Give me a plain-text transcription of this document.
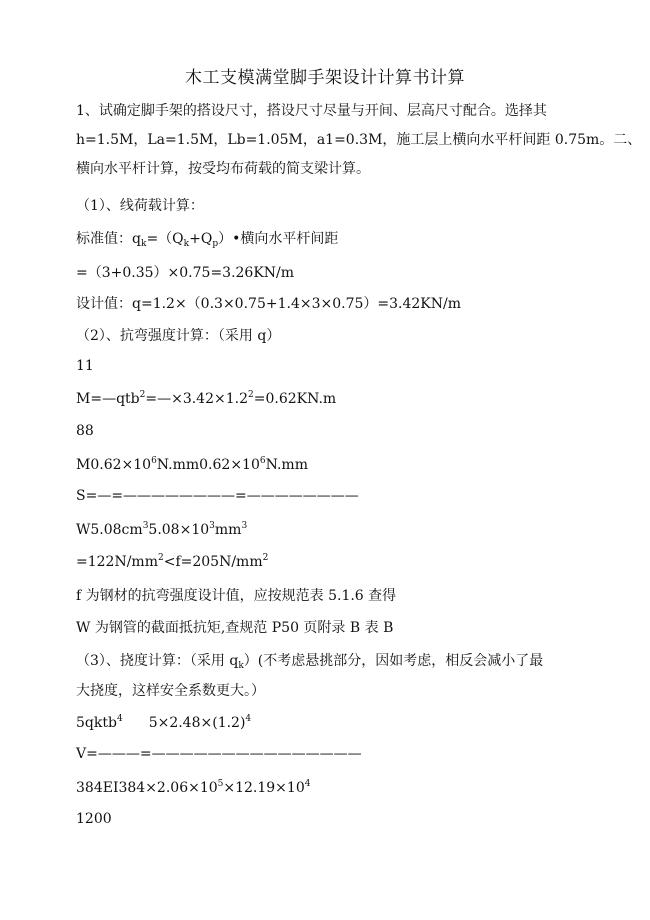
木工支模满堂脚手架设计计算书计算
1、试确定脚手架的搭设尺寸，搭设尺寸尽量与开间、层高尺寸配合。选择其
h=1.5M，La=1.5M，Lb=1.05M，a1=0.3M，施工层上横向水平杆间距 0.75m。二、
横向水平杆计算，按受均布荷载的简支梁计算。
（1）、线荷载计算：
标准值：$q_k=(Q_k+Q_p)•$横向水平杆间距
=（3+0.35）×0.75=3.26KN/m
设计值：q=1.2×（0.3×0.75+1.4×3×0.75）=3.42KN/m
（2）、抗弯强度计算：（采用 q）
11
$M=—qtb^2=—\times 3.42\times 1.2^2=0.62KN.m$
88
$M0.62\times 10^6N.mm0.62\times 10^6N.mm$
S=—=————————=————————
$W5.08cm^35.08\times 10^3mm^3$
$=122N/mm^2<f=205N/mm^2$
f 为钢材的抗弯强度设计值，应按规范表 5.1.6 查得
W 为钢管的截面抵抗矩,查规范 P50 页附录 B 表 B
（3）、挠度计算：（采用 $q_k$）(不考虑悬挑部分，因如考虑，相反会减小了最
大挠度，这样安全系数更大。）
5qktb$^4$ $5\times 2.48\times(1.2)^4$
V=———=———————————————
$384EI384\times 2.06\times 10^5\times 12.19\times 10^4$
1200
